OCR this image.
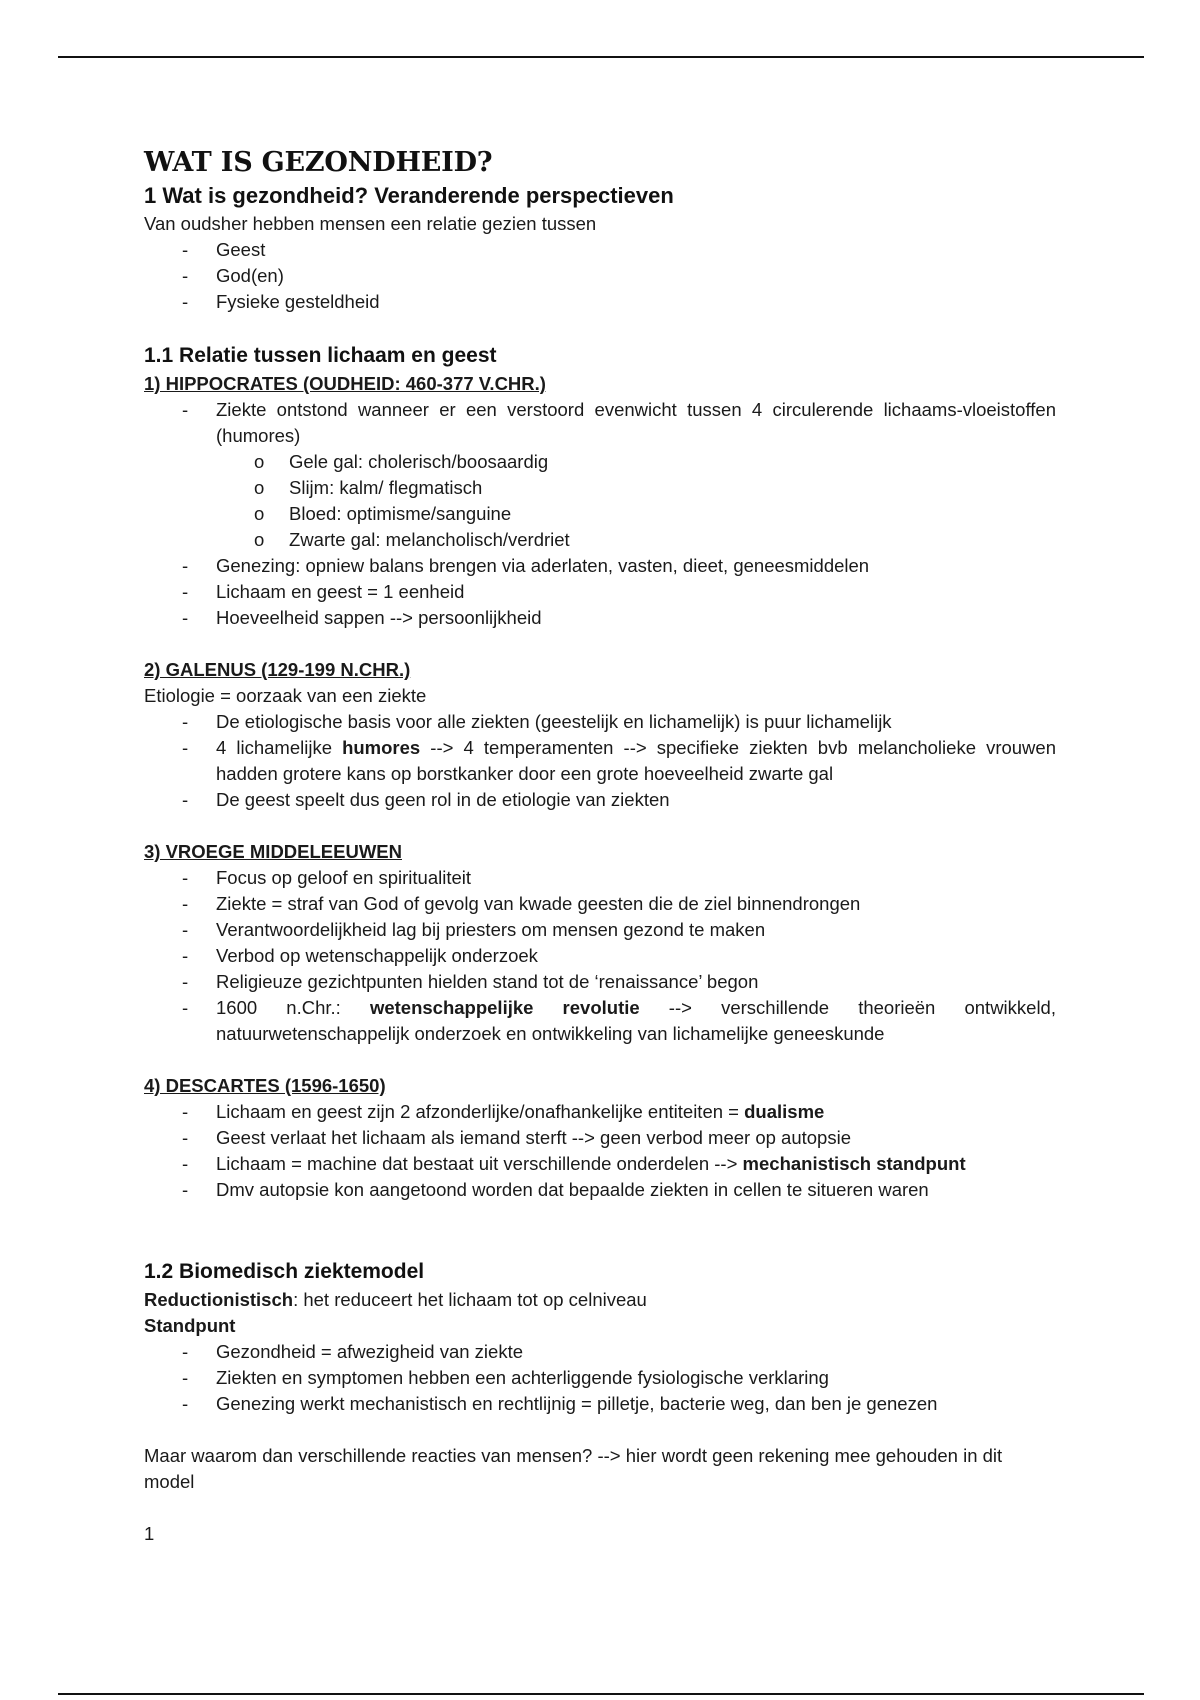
WAT IS GEZONDHEID?
1 Wat is gezondheid? Veranderende perspectieven

Van oudsher hebben mensen een relatie gezien tussen

- Geest
- God(en)
- Fysieke gesteldheid
1.1 Relatie tussen lichaam en geest

1) HIPPOCRATES (OUDHEID: 460-377 V.CHR.)

- Ziekte ontstond wanneer er een verstoord evenwicht tussen 4 circulerende lichaams-vloeistoffen (humores)
o Gele gal: cholerisch/boosaardig
o Slijm: kalm/ flegmatisch
o Bloed: optimisme/sanguine
o Zwarte gal: melancholisch/verdriet
- Genezing: opniew balans brengen via aderlaten, vasten, dieet, geneesmiddelen
- Lichaam en geest = 1 eenheid
- Hoeveelheid sappen --> persoonlijkheid

2) GALENUS (129-199 N.CHR.)

Etiologie = oorzaak van een ziekte

- De etiologische basis voor alle ziekten (geestelijk en lichamelijk) is puur lichamelijk
- 4 lichamelijke humores --> 4 temperamenten --> specifieke ziekten bvb melancholieke vrouwen hadden grotere kans op borstkanker door een grote hoeveelheid zwarte gal
- De geest speelt dus geen rol in de etiologie van ziekten

3) VROEGE MIDDELEEUWEN

- Focus op geloof en spiritualiteit
- Ziekte = straf van God of gevolg van kwade geesten die de ziel binnendrongen
- Verantwoordelijkheid lag bij priesters om mensen gezond te maken
- Verbod op wetenschappelijk onderzoek
- Religieuze gezichtpunten hielden stand tot de ‘renaissance’ begon
- 1600 n.Chr.: wetenschappelijke revolutie --> verschillende theorieën ontwikkeld, natuurwetenschappelijk onderzoek en ontwikkeling van lichamelijke geneeskunde

4) DESCARTES (1596-1650)

- Lichaam en geest zijn 2 afzonderlijke/onafhankelijke entiteiten = dualisme
- Geest verlaat het lichaam als iemand sterft --> geen verbod meer op autopsie
- Lichaam = machine dat bestaat uit verschillende onderdelen --> mechanistisch standpunt
- Dmv autopsie kon aangetoond worden dat bepaalde ziekten in cellen te situeren waren
1.2 Biomedisch ziektemodel

Reductionistisch: het reduceert het lichaam tot op celniveau

Standpunt

- Gezondheid = afwezigheid van ziekte
- Ziekten en symptomen hebben een achterliggende fysiologische verklaring
- Genezing werkt mechanistisch en rechtlijnig = pilletje, bacterie weg, dan ben je genezen

Maar waarom dan verschillende reacties van mensen? --> hier wordt geen rekening mee gehouden in dit model

1
